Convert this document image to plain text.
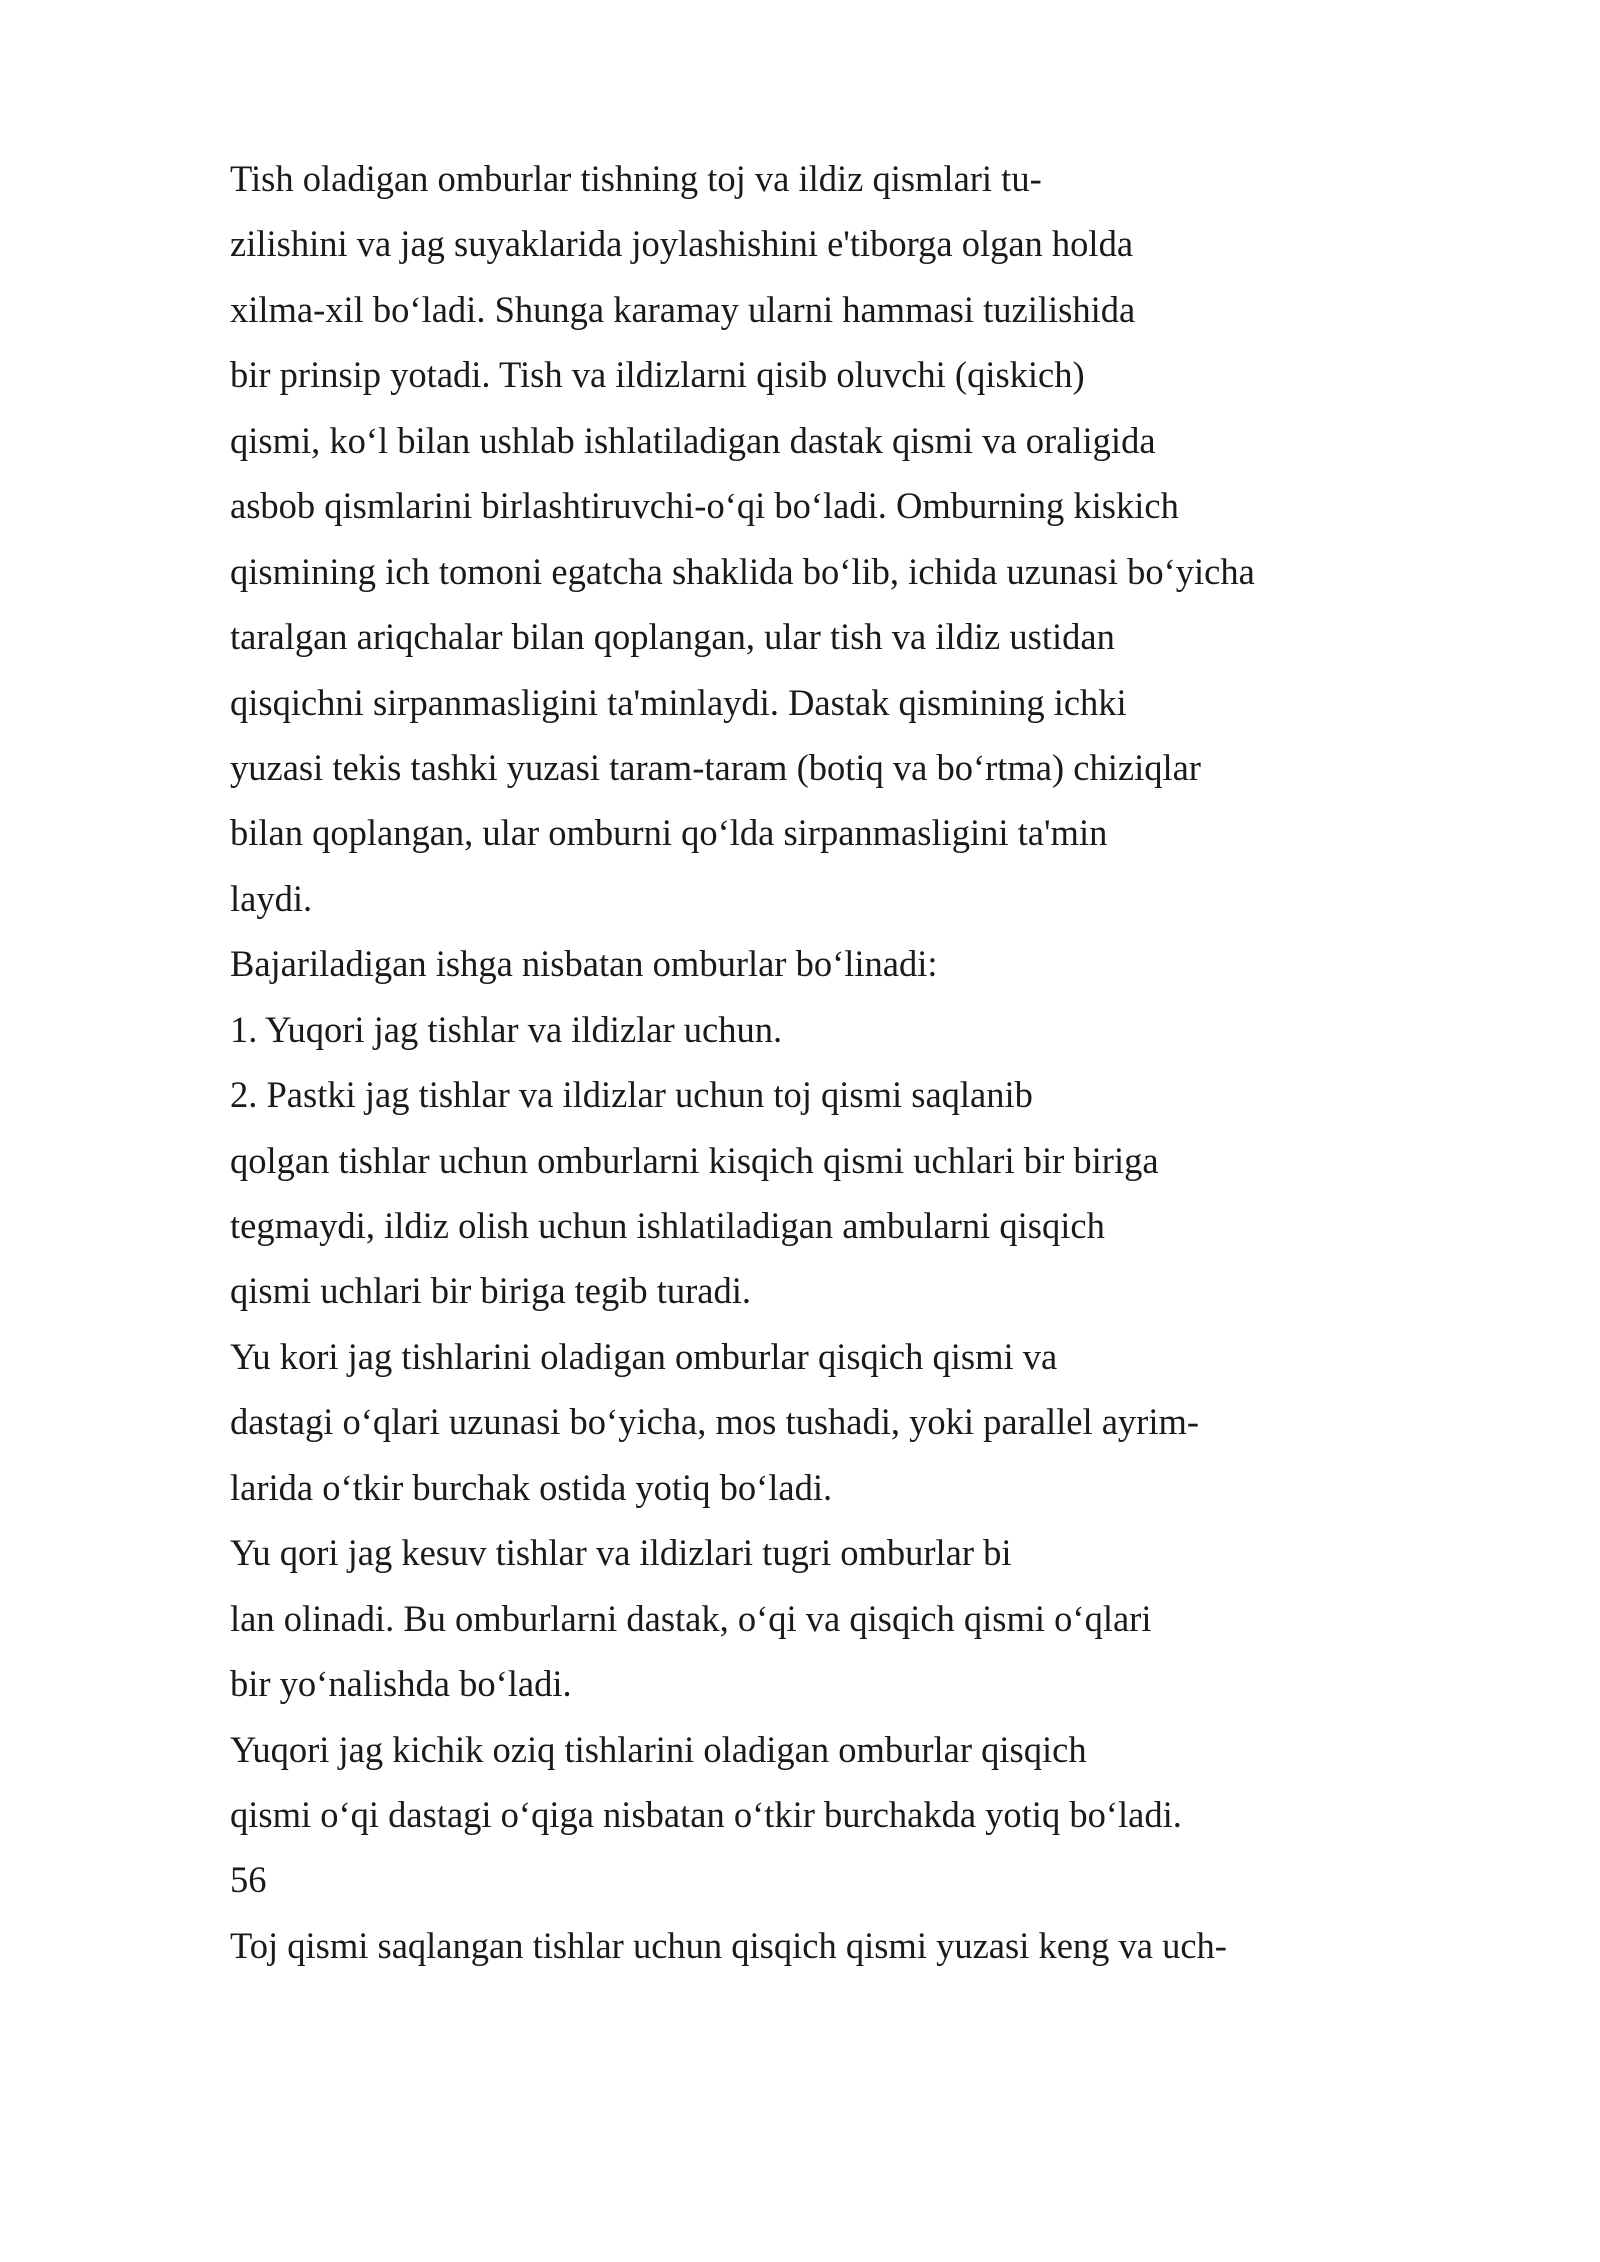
Tish oladigan omburlar tishning toj va ildiz qismlari tu-
zilishini va jag suyaklarida joylashishini e'tiborga olgan holda
xilma-xil bo‘ladi. Shunga karamay ularni hammasi tuzilishida
bir prinsip yotadi. Tish va ildizlarni qisib oluvchi (qiskich)
qismi, ko‘l bilan ushlab ishlatiladigan dastak qismi va oraligida
asbob qismlarini birlashtiruvchi-o‘qi bo‘ladi. Omburning kiskich
qismining ich tomoni egatcha shaklida bo‘lib, ichida uzunasi bo‘yicha
taralgan ariqchalar bilan qoplangan, ular tish va ildiz ustidan
qisqichni sirpanmasligini ta'minlaydi. Dastak qismining ichki
yuzasi tekis tashki yuzasi taram-taram (botiq va bo‘rtma) chiziqlar
bilan qoplangan, ular omburni qo‘lda sirpanmasligini ta'min
laydi.
Bajariladigan ishga nisbatan omburlar bo‘linadi:
1. Yuqori jag tishlar va ildizlar uchun.
2. Pastki jag tishlar va ildizlar uchun toj qismi saqlanib
qolgan tishlar uchun omburlarni kisqich qismi uchlari bir biriga
tegmaydi, ildiz olish uchun ishlatiladigan ambularni qisqich
qismi uchlari bir biriga tegib turadi.
Yu kori jag tishlarini oladigan omburlar qisqich qismi va
dastagi o‘qlari uzunasi bo‘yicha, mos tushadi, yoki parallel ayrim-
larida o‘tkir burchak ostida yotiq bo‘ladi.
Yu qori jag kesuv tishlar va ildizlari tugri omburlar bi
lan olinadi. Bu omburlarni dastak, o‘qi va qisqich qismi o‘qlari
bir yo‘nalishda bo‘ladi.
Yuqori jag kichik oziq tishlarini oladigan omburlar qisqich
qismi o‘qi dastagi o‘qiga nisbatan o‘tkir burchakda yotiq bo‘ladi.
56
Toj qismi saqlangan tishlar uchun qisqich qismi yuzasi keng va uch-
